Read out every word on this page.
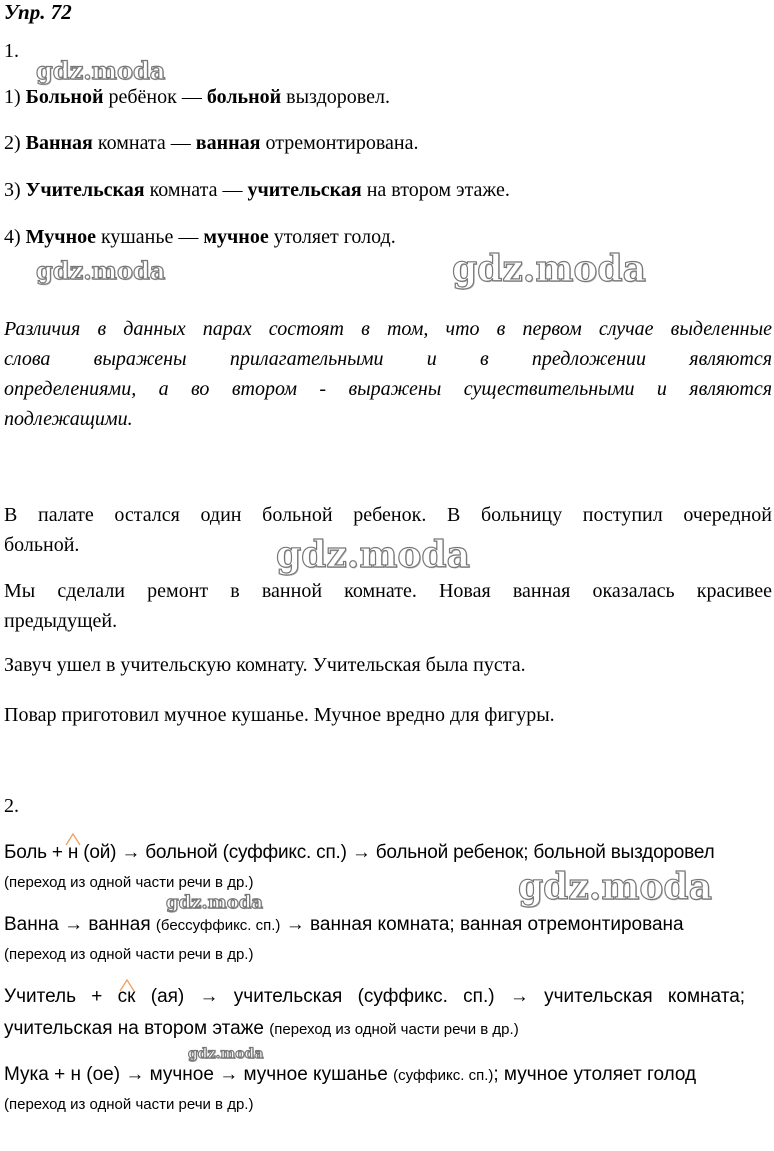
Упр. 72
1.
gdz.moda
1) Больной ребёнок — больной выздоровел.
2) Ванная комната — ванная отремонтирована.
3) Учительская комната — учительская на втором этаже.
4) Мучное кушанье — мучное утоляет голод.
gdz.moda	gdz.moda
Различия в данных парах состоят в том, что в первом случае выделенные
слова выражены прилагательными и в предложении являются
определениями, а во втором - выражены существительными и являются
подлежащими.
В палате остался один больной ребенок. В больницу поступил очередной
больной.	gdz.moda
Мы сделали ремонт в ванной комнате. Новая ванная оказалась красивее
предыдущей.
Завуч ушел в учительскую комнату. Учительская была пуста.
Повар приготовил мучное кушанье. Мучное вредно для фигуры.
2.
Боль + н (ой) → больной (суффикс. сп.) → больной ребенок; больной выздоровел
(переход из одной части речи в др.)	gdz.moda
gdz.moda
Ванна → ванная (бессуффикс. сп.) → ванная комната; ванная отремонтирована
(переход из одной части речи в др.)
Учитель + ск (ая) → учительская (суффикс. сп.) → учительская комната;
учительская на втором этаже (переход из одной части речи в др.)
gdz.moda
Мука + н (ое) → мучное → мучное кушанье (суффикс. сп.); мучное утоляет голод
(переход из одной части речи в др.)
